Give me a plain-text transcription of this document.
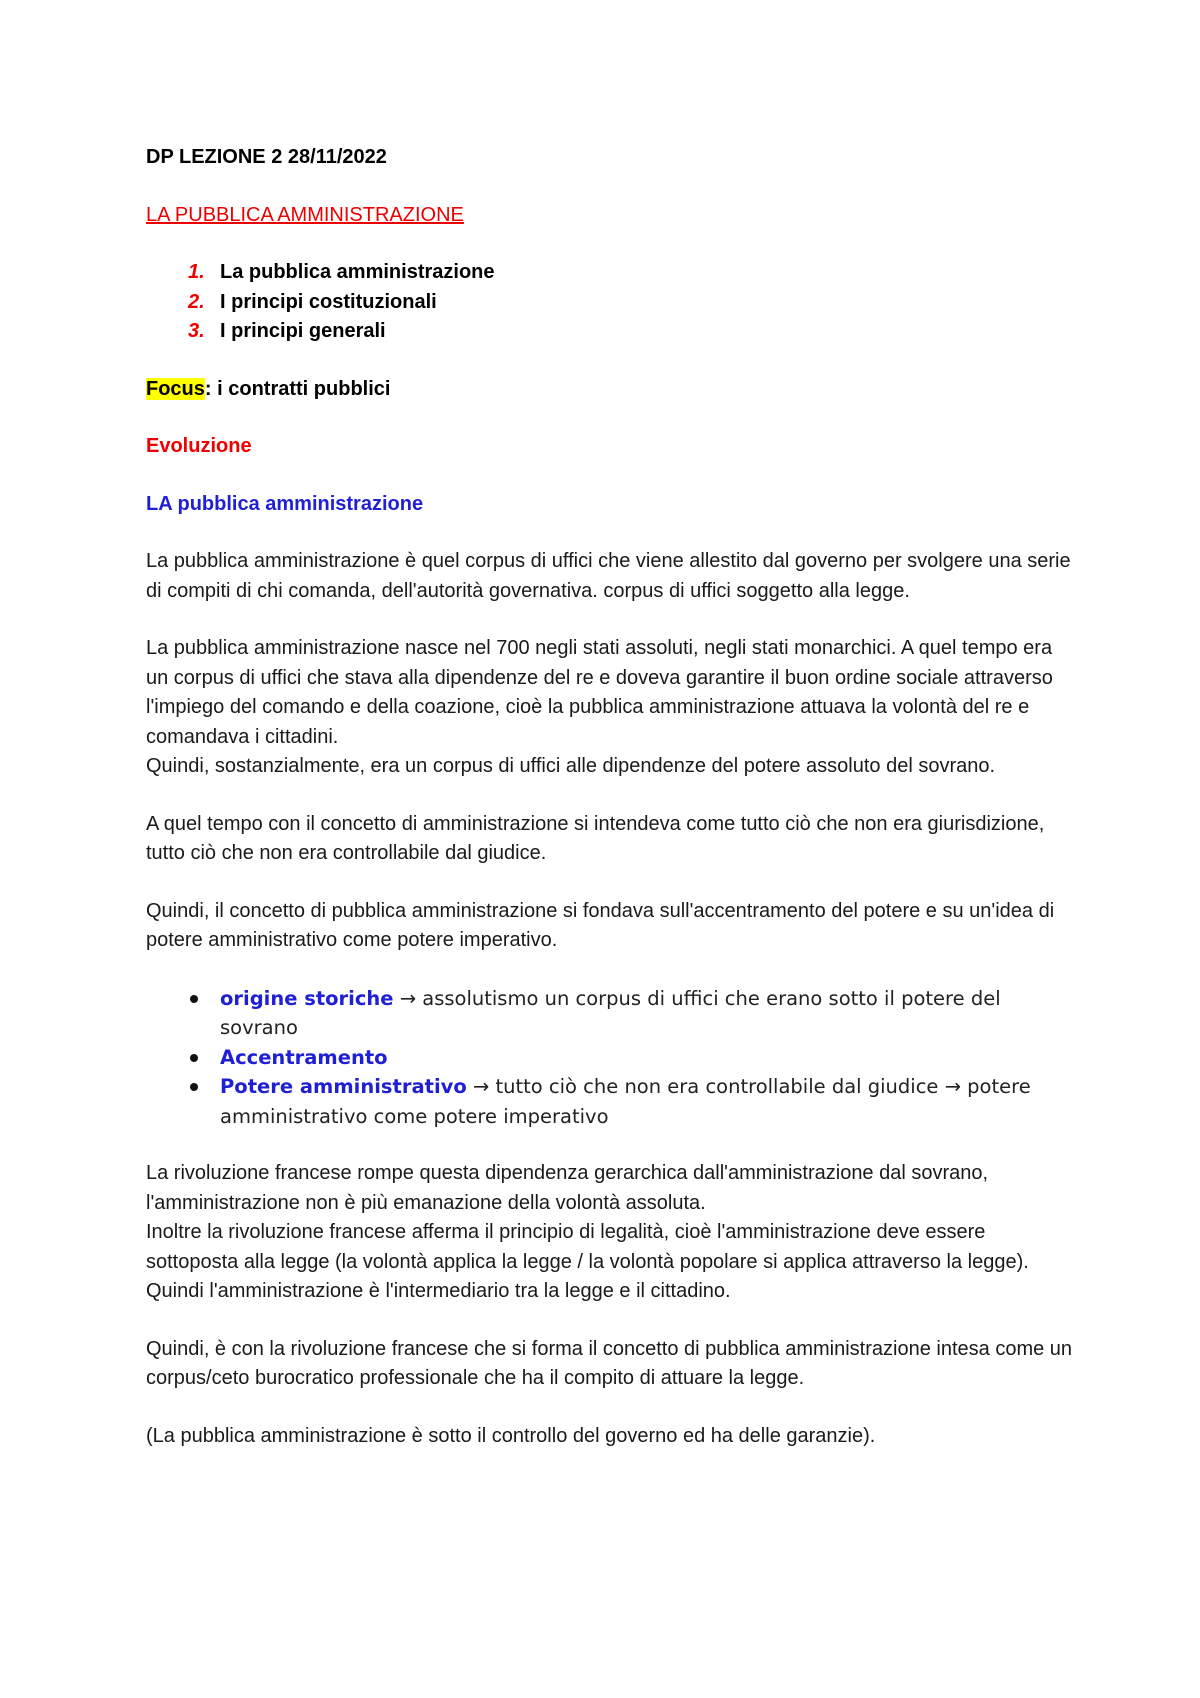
DP LEZIONE 2 28/11/2022
LA PUBBLICA AMMINISTRAZIONE
1. La pubblica amministrazione
2. I principi costituzionali
3. I principi generali
Focus: i contratti pubblici
Evoluzione
LA pubblica amministrazione

La pubblica amministrazione è quel corpus di uffici che viene allestito dal governo per svolgere una serie di compiti di chi comanda, dell'autorità governativa. corpus di uffici soggetto alla legge.

La pubblica amministrazione nasce nel 700 negli stati assoluti, negli stati monarchici. A quel tempo era un corpus di uffici che stava alla dipendenze del re e doveva garantire il buon ordine sociale attraverso l'impiego del comando e della coazione, cioè la pubblica amministrazione attuava la volontà del re e comandava i cittadini.
Quindi, sostanzialmente, era un corpus di uffici alle dipendenze del potere assoluto del sovrano.

A quel tempo con il concetto di amministrazione si intendeva come tutto ciò che non era giurisdizione, tutto ciò che non era controllabile dal giudice.

Quindi, il concetto di pubblica amministrazione si fondava sull'accentramento del potere e su un'idea di potere amministrativo come potere imperativo.

origine storiche → assolutismo un corpus di uffici che erano sotto il potere del sovrano
Accentramento
Potere amministrativo → tutto ciò che non era controllabile dal giudice → potere amministrativo come potere imperativo

La rivoluzione francese rompe questa dipendenza gerarchica dall'amministrazione dal sovrano, l'amministrazione non è più emanazione della volontà assoluta.
Inoltre la rivoluzione francese afferma il principio di legalità, cioè l'amministrazione deve essere sottoposta alla legge (la volontà applica la legge / la volontà popolare si applica attraverso la legge).
Quindi l'amministrazione è l'intermediario tra la legge e il cittadino.

Quindi, è con la rivoluzione francese che si forma il concetto di pubblica amministrazione intesa come un corpus/ceto burocratico professionale che ha il compito di attuare la legge.

(La pubblica amministrazione è sotto il controllo del governo ed ha delle garanzie).
